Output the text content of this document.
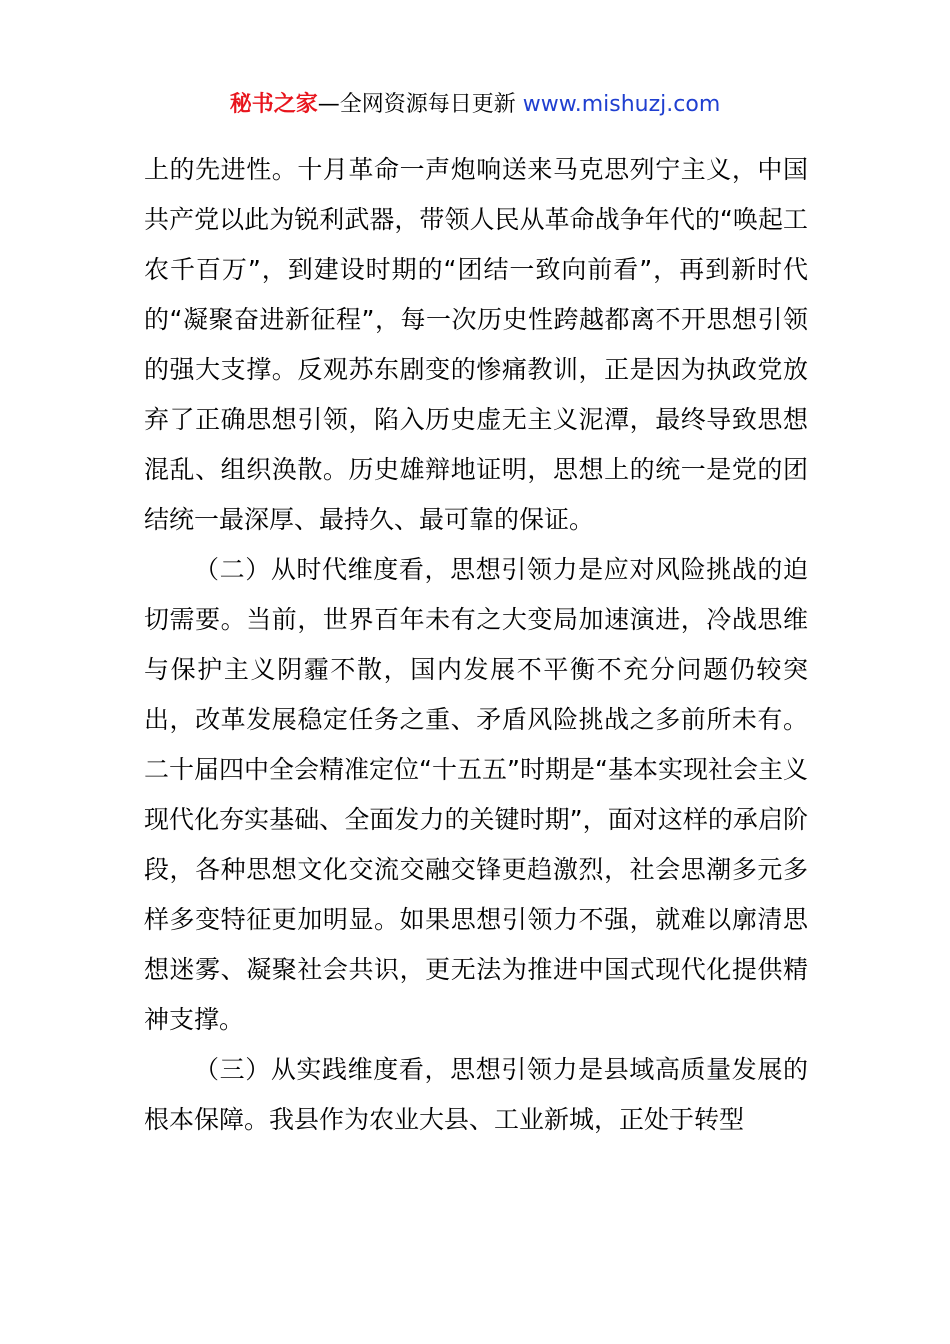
秘书之家—全网资源每日更新 www.mishuzj.com

上的先进性。十月革命一声炮响送来马克思列宁主义，中国共产党以此为锐利武器，带领人民从革命战争年代的“唤起工农千百万”，到建设时期的“团结一致向前看”，再到新时代的“凝聚奋进新征程”，每一次历史性跨越都离不开思想引领的强大支撑。反观苏东剧变的惨痛教训，正是因为执政党放弃了正确思想引领，陷入历史虚无主义泥潭，最终导致思想混乱、组织涣散。历史雄辩地证明，思想上的统一是党的团结统一最深厚、最持久、最可靠的保证。

（二）从时代维度看，思想引领力是应对风险挑战的迫切需要。当前，世界百年未有之大变局加速演进，冷战思维与保护主义阴霾不散，国内发展不平衡不充分问题仍较突出，改革发展稳定任务之重、矛盾风险挑战之多前所未有。二十届四中全会精准定位“十五五”时期是“基本实现社会主义现代化夯实基础、全面发力的关键时期”，面对这样的承启阶段，各种思想文化交流交融交锋更趋激烈，社会思潮多元多样多变特征更加明显。如果思想引领力不强，就难以廓清思想迷雾、凝聚社会共识，更无法为推进中国式现代化提供精神支撑。

（三）从实践维度看，思想引领力是县域高质量发展的根本保障。我县作为农业大县、工业新城，正处于转型
